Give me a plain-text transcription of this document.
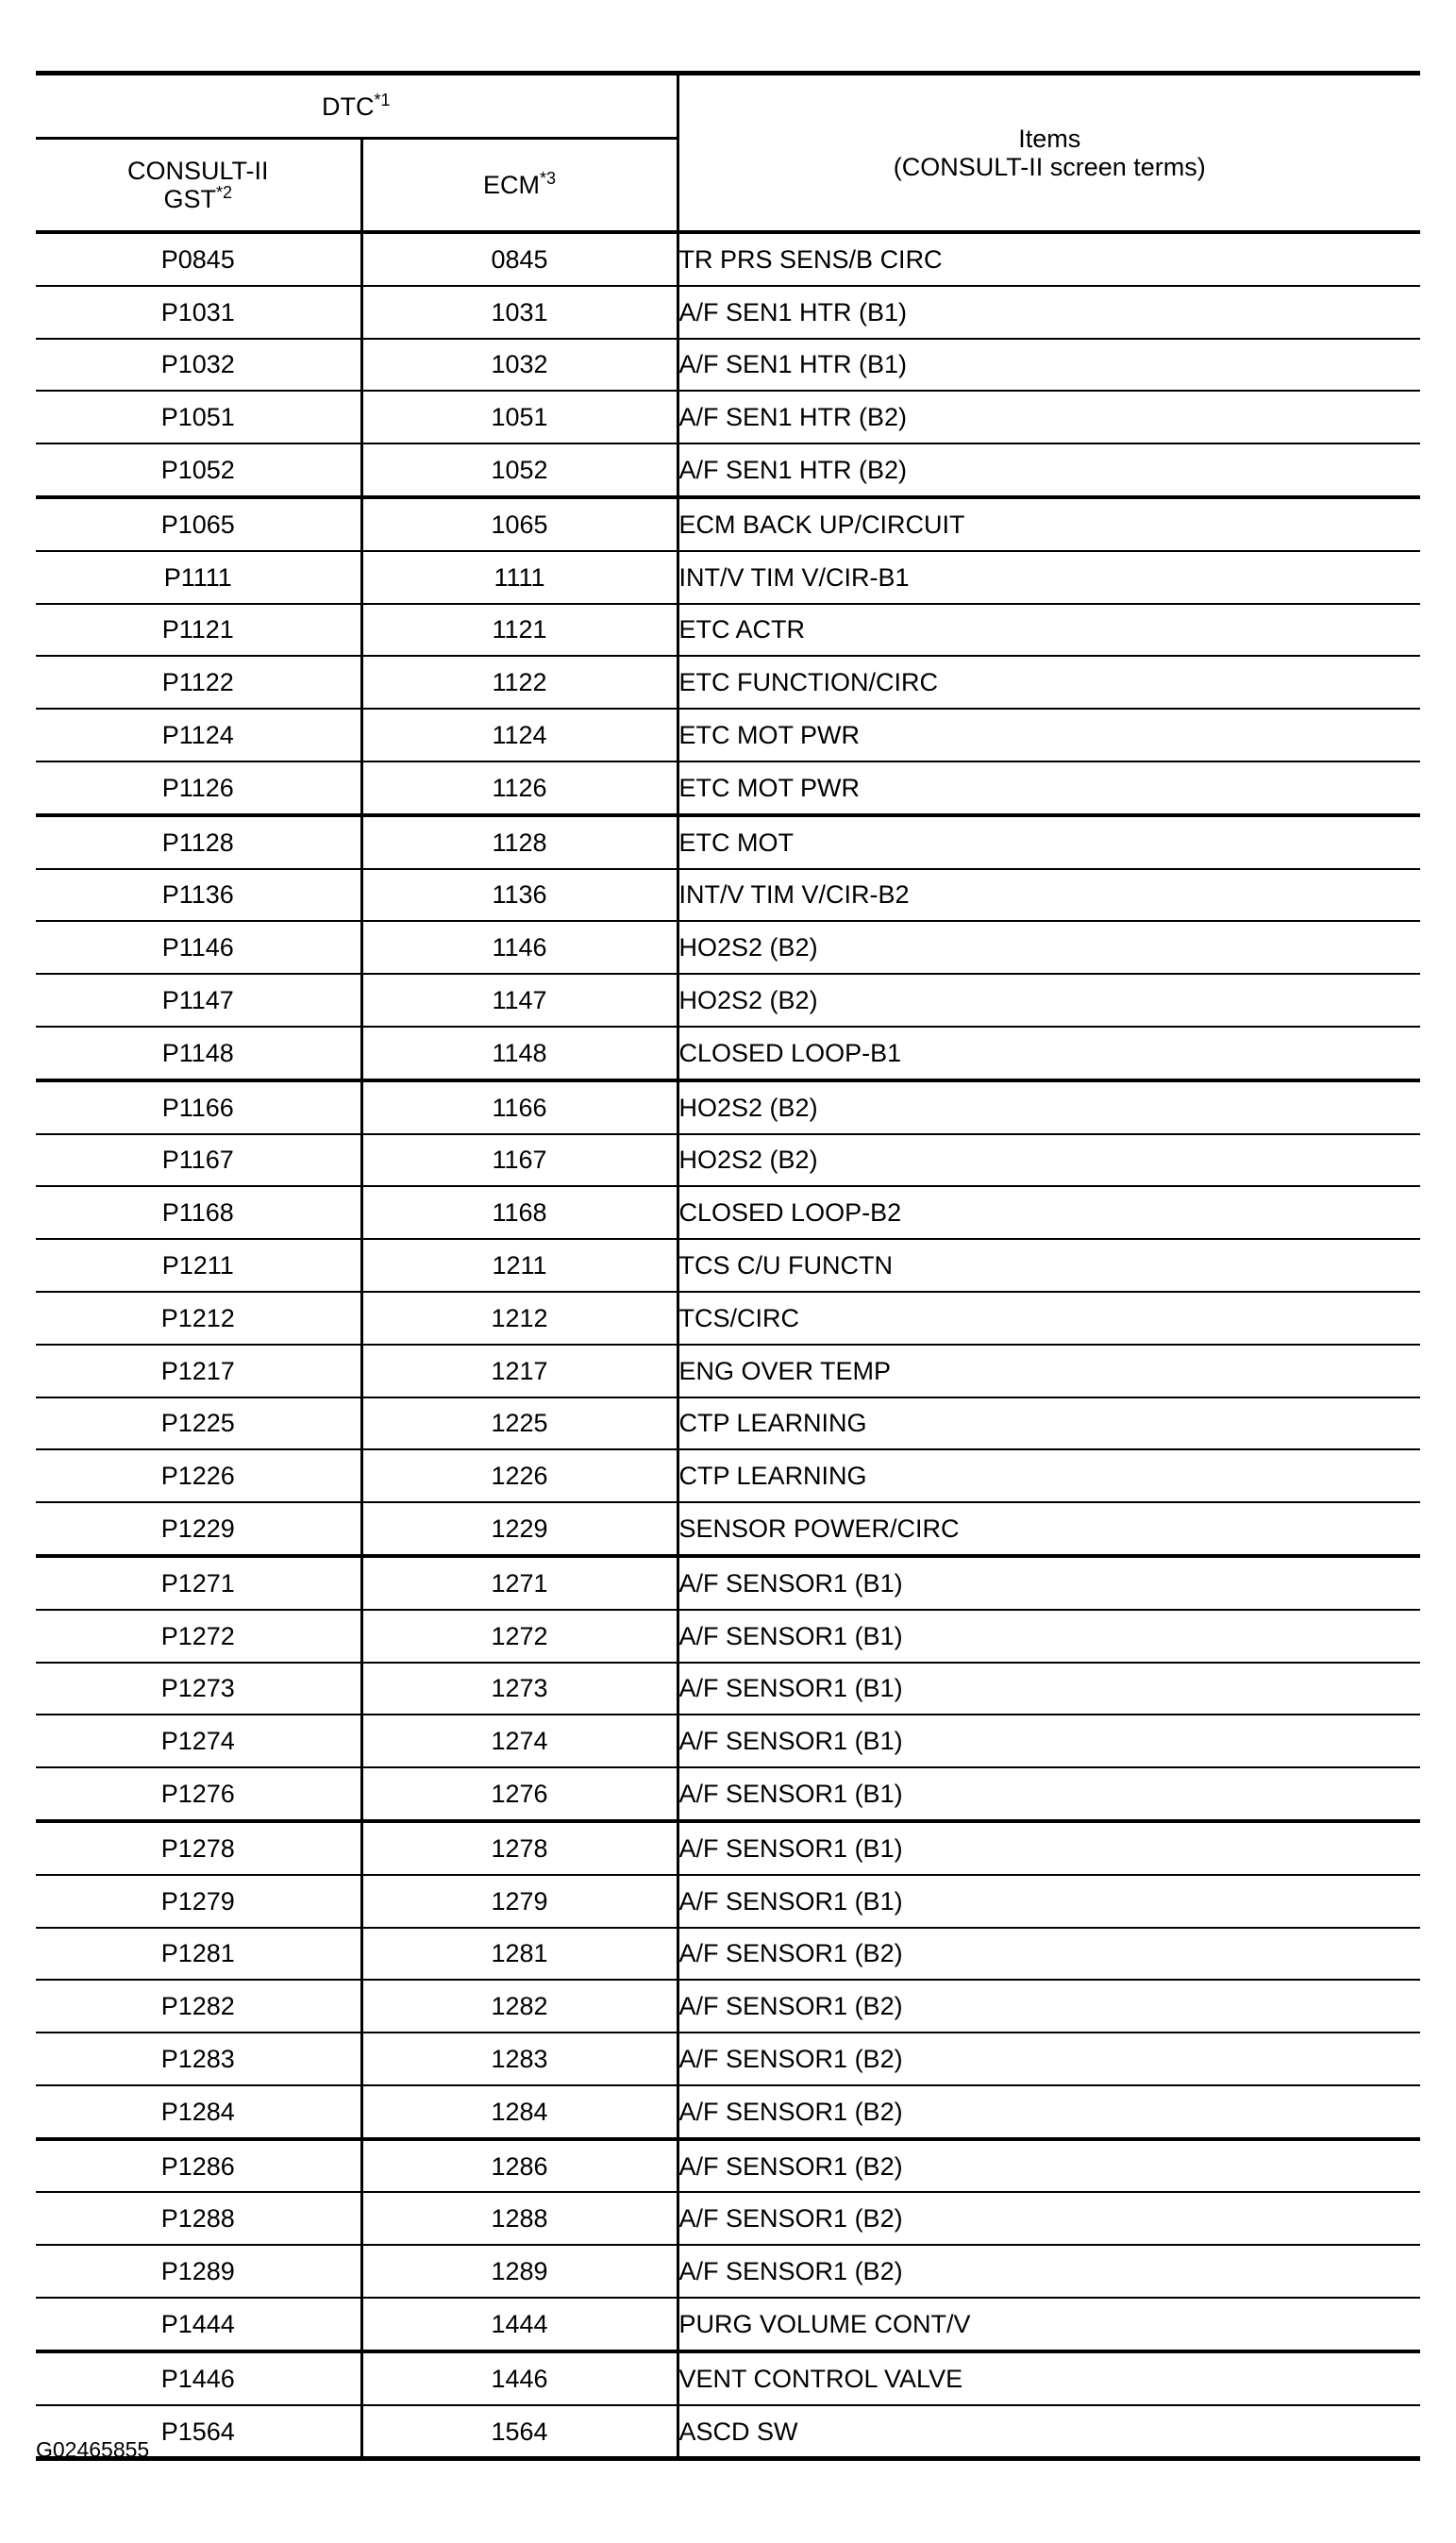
DTC$^{*1}$		Items
(CONSULT-II screen terms)

CONSULT-II
GST$^{*2}$	ECM$^{*3}$
P0845	0845	TR PRS SENS/B CIRC
P1031	1031	A/F SEN1 HTR (B1)
P1032	1032	A/F SEN1 HTR (B1)
P1051	1051	A/F SEN1 HTR (B2)
P1052	1052	A/F SEN1 HTR (B2)
P1065	1065	ECM BACK UP/CIRCUIT
P1111	1111	INT/V TIM V/CIR-B1
P1121	1121	ETC ACTR
P1122	1122	ETC FUNCTION/CIRC
P1124	1124	ETC MOT PWR
P1126	1126	ETC MOT PWR
P1128	1128	ETC MOT
P1136	1136	INT/V TIM V/CIR-B2
P1146	1146	HO2S2 (B2)
P1147	1147	HO2S2 (B2)
P1148	1148	CLOSED LOOP-B1
P1166	1166	HO2S2 (B2)
P1167	1167	HO2S2 (B2)
P1168	1168	CLOSED LOOP-B2
P1211	1211	TCS C/U FUNCTN
P1212	1212	TCS/CIRC
P1217	1217	ENG OVER TEMP
P1225	1225	CTP LEARNING
P1226	1226	CTP LEARNING
P1229	1229	SENSOR POWER/CIRC
P1271	1271	A/F SENSOR1 (B1)
P1272	1272	A/F SENSOR1 (B1)
P1273	1273	A/F SENSOR1 (B1)
P1274	1274	A/F SENSOR1 (B1)
P1276	1276	A/F SENSOR1 (B1)
P1278	1278	A/F SENSOR1 (B1)
P1279	1279	A/F SENSOR1 (B1)
P1281	1281	A/F SENSOR1 (B2)
P1282	1282	A/F SENSOR1 (B2)
P1283	1283	A/F SENSOR1 (B2)
P1284	1284	A/F SENSOR1 (B2)
P1286	1286	A/F SENSOR1 (B2)
P1288	1288	A/F SENSOR1 (B2)
P1289	1289	A/F SENSOR1 (B2)
P1444	1444	PURG VOLUME CONT/V
P1446	1446	VENT CONTROL VALVE
P1564	1564	ASCD SW
G02465855
